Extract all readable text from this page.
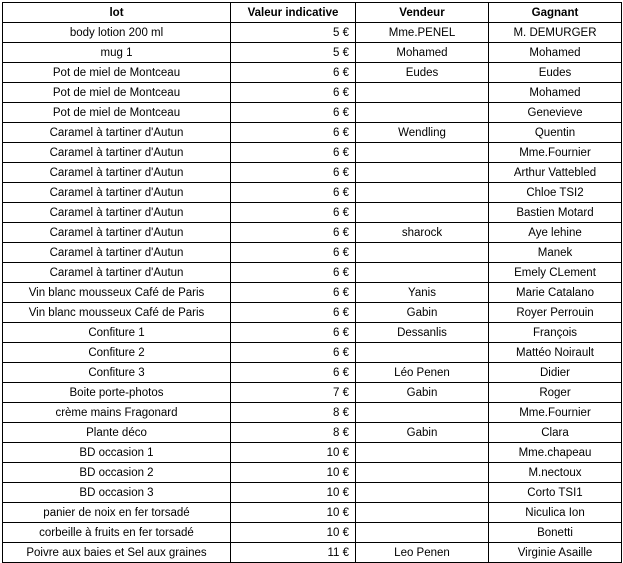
lot	Valeur indicative	Vendeur	Gagnant
body lotion 200 ml	5 €	Mme.PENEL	M. DEMURGER
mug 1	5 €	Mohamed	Mohamed
Pot de miel de Montceau	6 €	Eudes	Eudes
Pot de miel de Montceau	6 €		Mohamed
Pot de miel de Montceau	6 €		Genevieve
Caramel à tartiner d'Autun	6 €	Wendling	Quentin
Caramel à tartiner d'Autun	6 €		Mme.Fournier
Caramel à tartiner d'Autun	6 €		Arthur Vattebled
Caramel à tartiner d'Autun	6 €		Chloe TSI2
Caramel à tartiner d'Autun	6 €		Bastien Motard
Caramel à tartiner d'Autun	6 €	sharock	Aye lehine
Caramel à tartiner d'Autun	6 €		Manek
Caramel à tartiner d'Autun	6 €		Emely CLement
Vin blanc mousseux Café de Paris	6 €	Yanis	Marie Catalano
Vin blanc mousseux Café de Paris	6 €	Gabin	Royer Perrouin
Confiture 1	6 €	Dessanlis	François
Confiture 2	6 €		Mattéo Noirault
Confiture 3	6 €	Léo Penen	Didier
Boite porte-photos	7 €	Gabin	Roger
crème mains Fragonard	8 €		Mme.Fournier
Plante déco	8 €	Gabin	Clara
BD occasion 1	10 €		Mme.chapeau
BD occasion 2	10 €		M.nectoux
BD occasion 3	10 €		Corto TSI1
panier de noix en fer torsadé	10 €		Niculica Ion
corbeille à fruits en fer torsadé	10 €		Bonetti
Poivre aux baies et Sel aux graines	11 €	Leo Penen	Virginie Asaille
